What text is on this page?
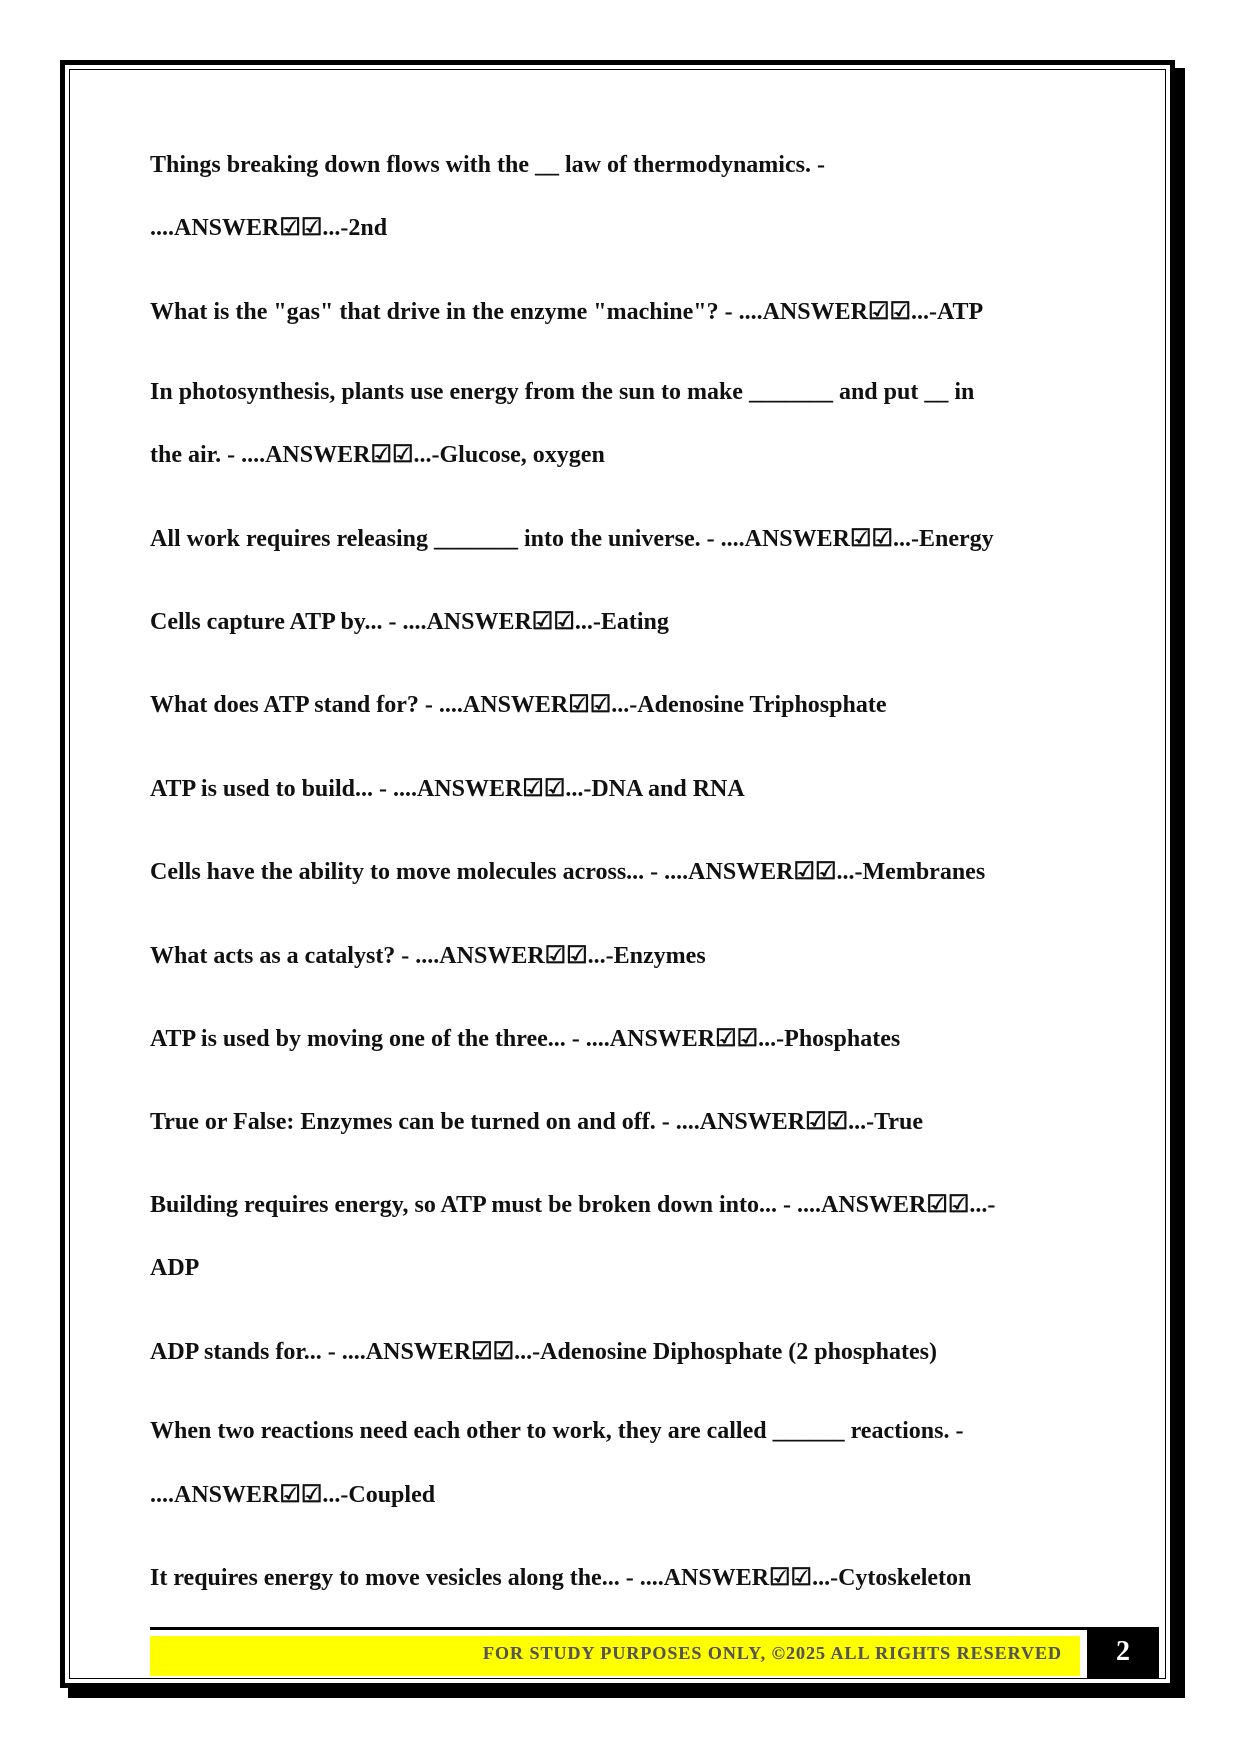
Things breaking down flows with the __ law of thermodynamics. -
....ANSWER☑☑...-2nd
What is the "gas" that drive in the enzyme "machine"? - ....ANSWER☑☑...-ATP
In photosynthesis, plants use energy from the sun to make _______ and put __ in
the air. - ....ANSWER☑☑...-Glucose, oxygen
All work requires releasing _______ into the universe. - ....ANSWER☑☑...-Energy
Cells capture ATP by... - ....ANSWER☑☑...-Eating
What does ATP stand for? - ....ANSWER☑☑...-Adenosine Triphosphate
ATP is used to build... - ....ANSWER☑☑...-DNA and RNA
Cells have the ability to move molecules across... - ....ANSWER☑☑...-Membranes
What acts as a catalyst? - ....ANSWER☑☑...-Enzymes
ATP is used by moving one of the three... - ....ANSWER☑☑...-Phosphates
True or False: Enzymes can be turned on and off. - ....ANSWER☑☑...-True
Building requires energy, so ATP must be broken down into... - ....ANSWER☑☑...-
ADP
ADP stands for... - ....ANSWER☑☑...-Adenosine Diphosphate (2 phosphates)
When two reactions need each other to work, they are called ______ reactions. -
....ANSWER☑☑...-Coupled
It requires energy to move vesicles along the... - ....ANSWER☑☑...-Cytoskeleton
FOR STUDY PURPOSES ONLY, ©2025 ALL RIGHTS RESERVED	2
